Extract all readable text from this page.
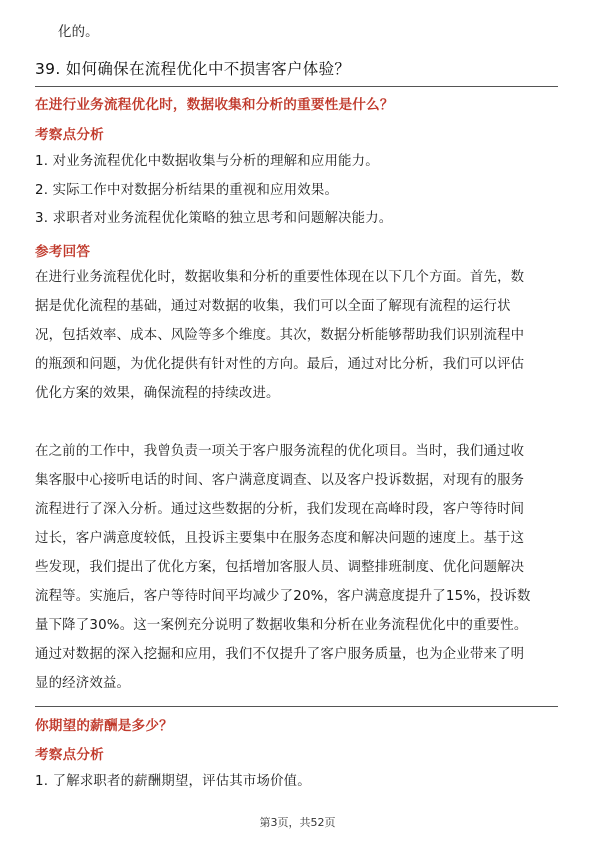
化的。
39. 如何确保在流程优化中不损害客户体验？
在进行业务流程优化时，数据收集和分析的重要性是什么？
考察点分析
1. 对业务流程优化中数据收集与分析的理解和应用能力。
2. 实际工作中对数据分析结果的重视和应用效果。
3. 求职者对业务流程优化策略的独立思考和问题解决能力。
参考回答
在进行业务流程优化时，数据收集和分析的重要性体现在以下几个方面。首先，数
据是优化流程的基础，通过对数据的收集，我们可以全面了解现有流程的运行状
况，包括效率、成本、风险等多个维度。其次，数据分析能够帮助我们识别流程中
的瓶颈和问题，为优化提供有针对性的方向。最后，通过对比分析，我们可以评估
优化方案的效果，确保流程的持续改进。
在之前的工作中，我曾负责一项关于客户服务流程的优化项目。当时，我们通过收
集客服中心接听电话的时间、客户满意度调查、以及客户投诉数据，对现有的服务
流程进行了深入分析。通过这些数据的分析，我们发现在高峰时段，客户等待时间
过长，客户满意度较低，且投诉主要集中在服务态度和解决问题的速度上。基于这
些发现，我们提出了优化方案，包括增加客服人员、调整排班制度、优化问题解决
流程等。实施后，客户等待时间平均减少了20%，客户满意度提升了15%，投诉数
量下降了30%。这一案例充分说明了数据收集和分析在业务流程优化中的重要性。
通过对数据的深入挖掘和应用，我们不仅提升了客户服务质量，也为企业带来了明
显的经济效益。
你期望的薪酬是多少？
考察点分析
1. 了解求职者的薪酬期望，评估其市场价值。
第3页，共52页
